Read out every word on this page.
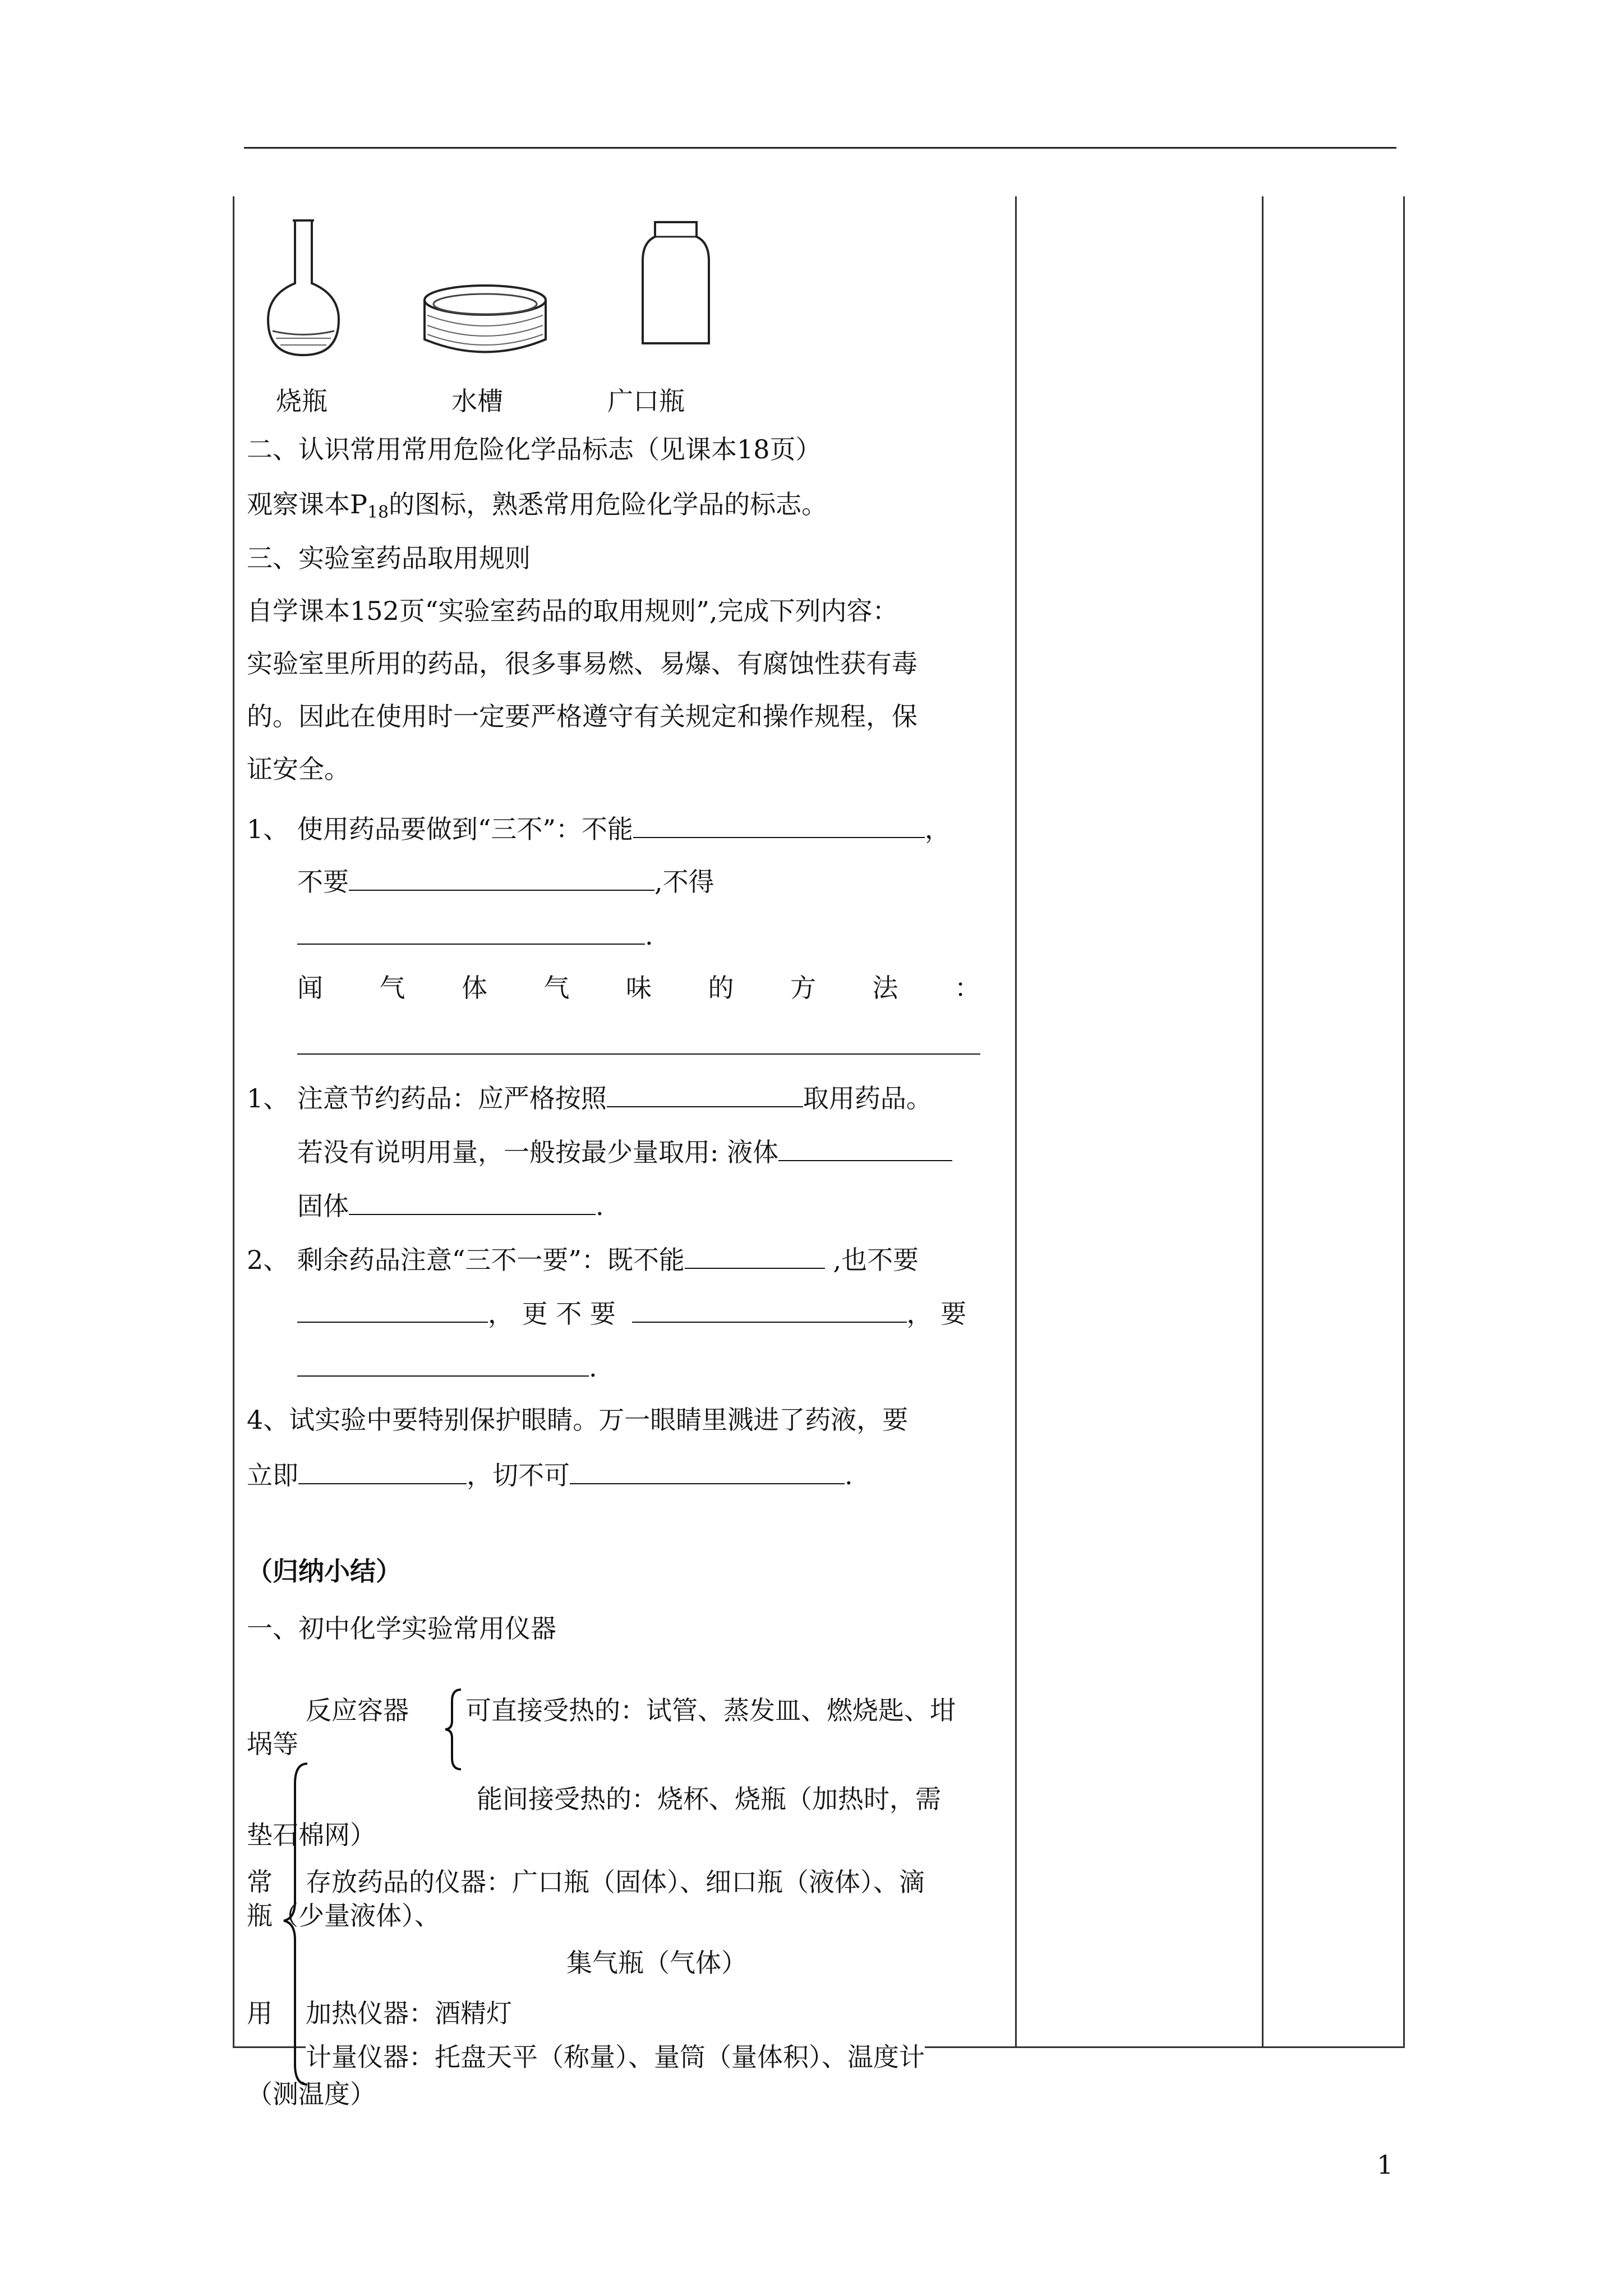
烧瓶	水槽	广口瓶
二、认识常用常用危险化学品标志（见课本18页）
观察课本$P_{18}$的图标，熟悉常用危险化学品的标志。
三、实验室药品取用规则
自学课本152页“实验室药品的取用规则”,完成下列内容：
实验室里所用的药品，很多事易燃、易爆、有腐蚀性获有毒
的。因此在使用时一定要严格遵守有关规定和操作规程，保
证安全。
1、 使用药品要做到“三不”：不能	，
不要	,不得
.
闻 气 体 气 味 的 方 法 ：
1、 注意节约药品：应严格按照	取用药品。
若没有说明用量，一般按最少量取用: 液体
固体	.
2、 剩余药品注意“三不一要”：既不能	,也不要
， 更 不 要	， 要
.
4、试实验中要特别保护眼睛。万一眼睛里溅进了药液，要
立即	，切不可	.
（归纳小结）
一、初中化学实验常用仪器
反应容器 可直接受热的：试管、蒸发皿、燃烧匙、坩
埚等
能间接受热的：烧杯、烧瓶（加热时，需
垫石棉网）
常 存放药品的仪器：广口瓶（固体）、细口瓶（液体）、滴
瓶（少量液体）、
集气瓶（气体）
用 加热仪器：酒精灯
计量仪器：托盘天平（称量）、量筒（量体积）、温度计
（测温度）
1
